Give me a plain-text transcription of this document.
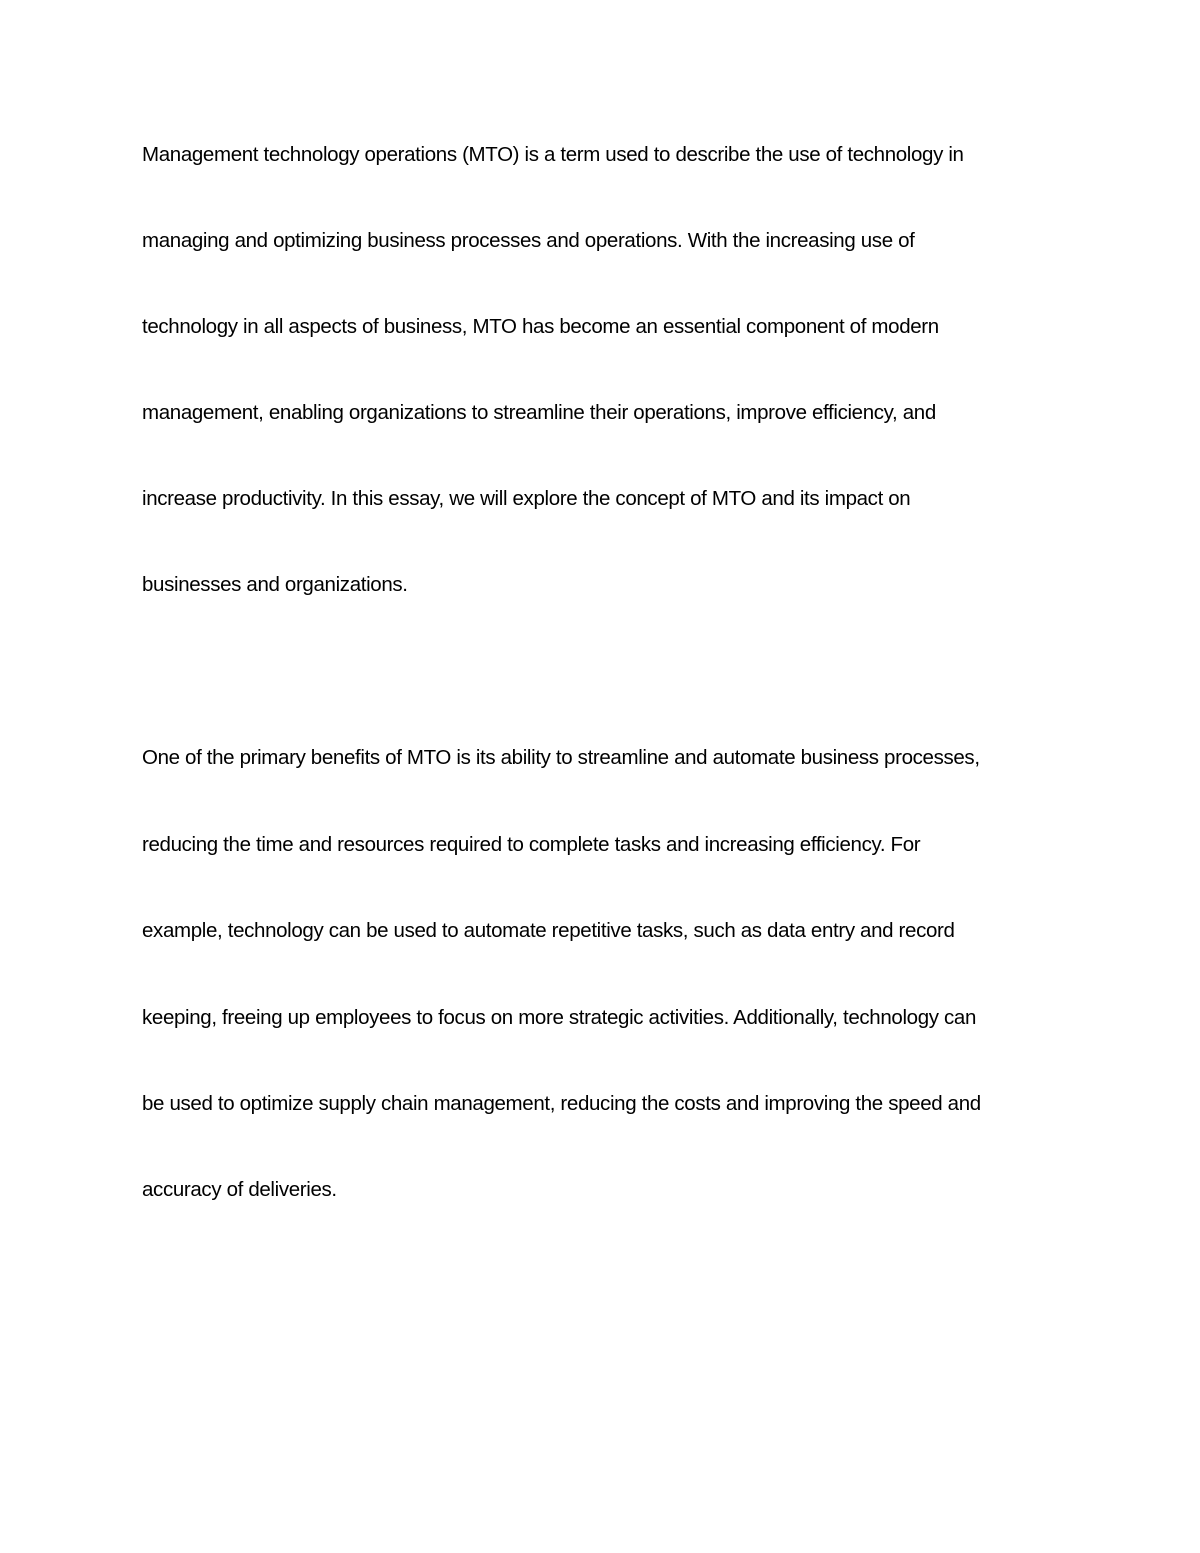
Management technology operations (MTO) is a term used to describe the use of technology in
managing and optimizing business processes and operations. With the increasing use of
technology in all aspects of business, MTO has become an essential component of modern
management, enabling organizations to streamline their operations, improve efficiency, and
increase productivity. In this essay, we will explore the concept of MTO and its impact on
businesses and organizations.
One of the primary benefits of MTO is its ability to streamline and automate business processes,
reducing the time and resources required to complete tasks and increasing efficiency. For
example, technology can be used to automate repetitive tasks, such as data entry and record
keeping, freeing up employees to focus on more strategic activities. Additionally, technology can
be used to optimize supply chain management, reducing the costs and improving the speed and
accuracy of deliveries.
